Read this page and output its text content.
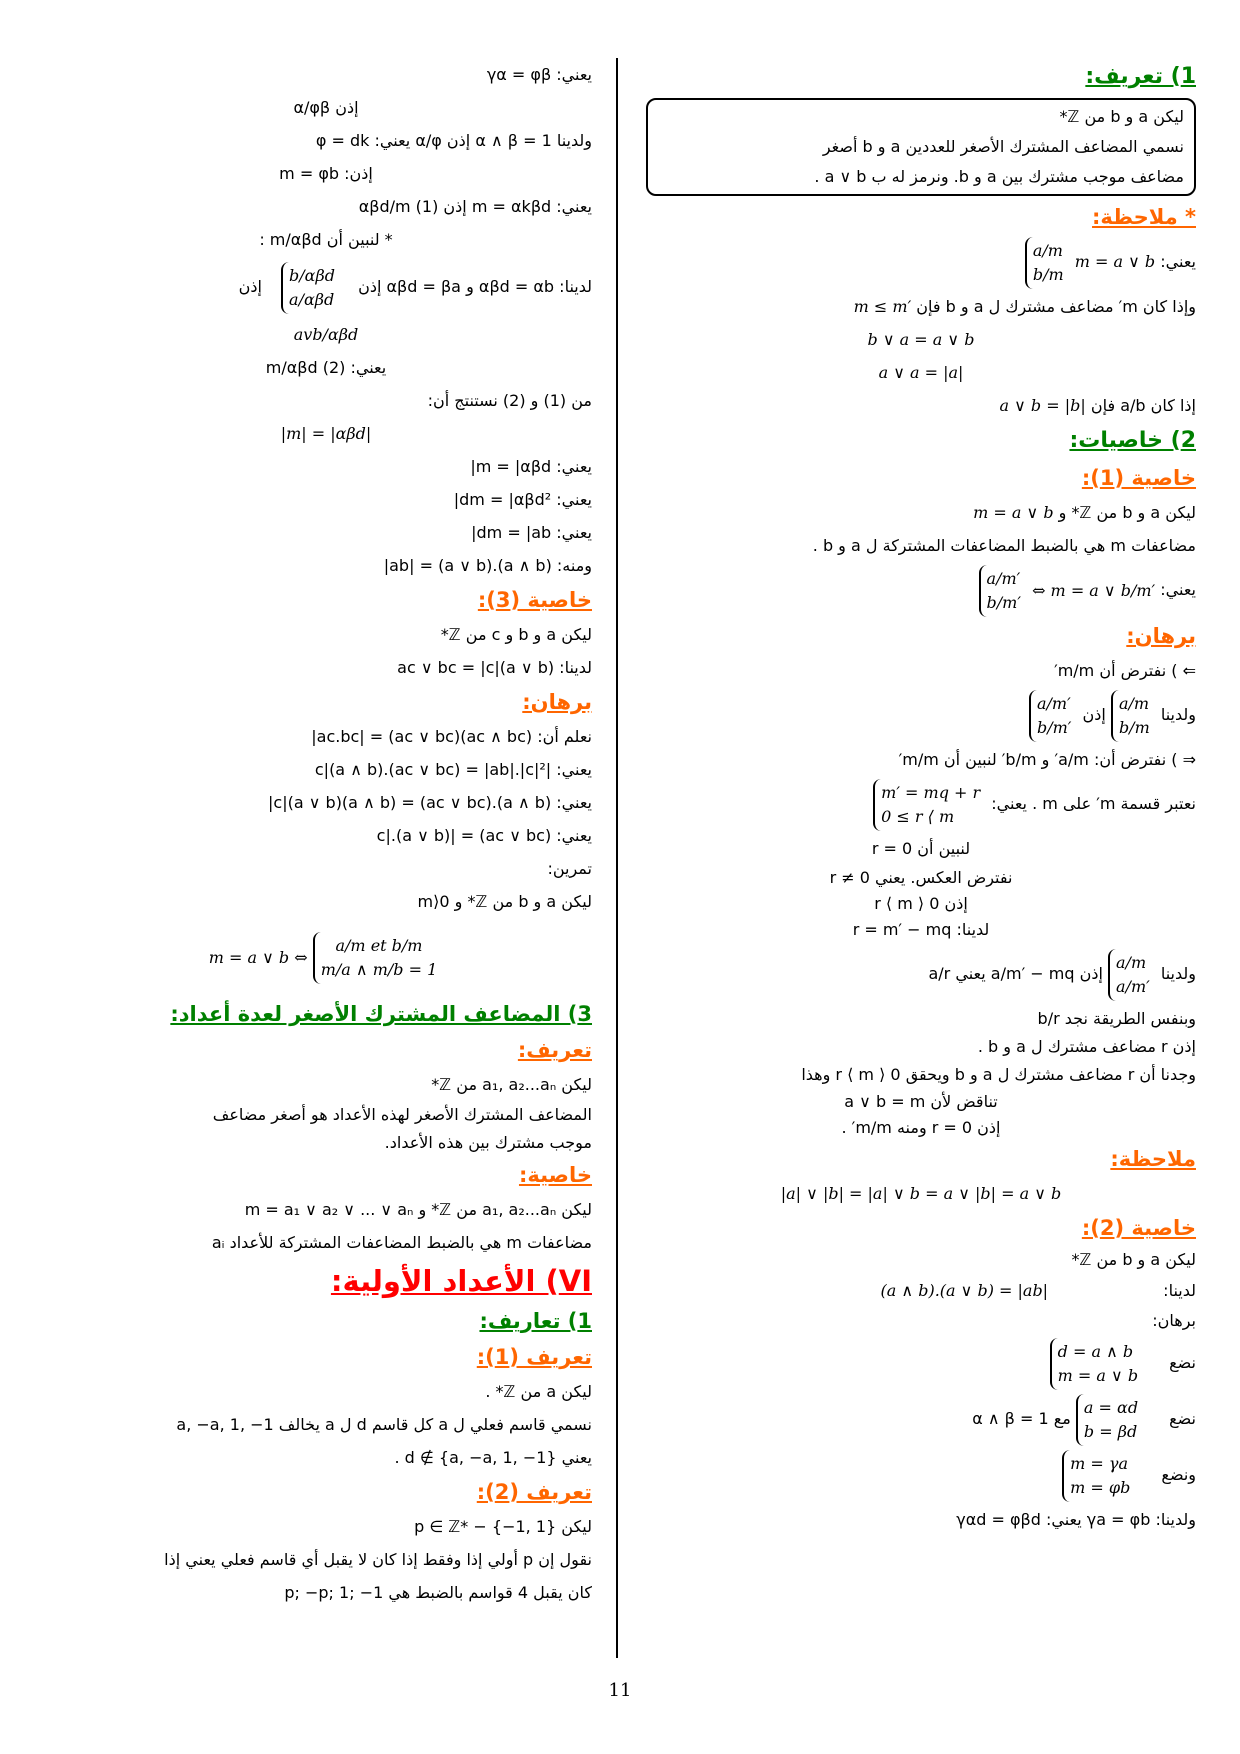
1) تعريف:
ليكن a و b من ℤ*
نسمي المضاعف المشترك الأصغر للعددين a و b أصغر
مضاعف موجب مشترك بين a و b. ونرمز له ب a ∨ b .
* ملاحظة:
يعني: m = a ∨ b a/m
b/m
وإذا كان m′ مضاعف مشترك ل a و b فإن m ≤ m′
b ∨ a = a ∨ b
a ∨ a = |a|
إذا كان a/b فإن a ∨ b = |b|
2) خاصيات:
خاصية (1):
ليكن a و b من ℤ* و m = a ∨ b
مضاعفات m هي بالضبط المضاعفات المشتركة ل a و b .
يعني: a/m′
b/m′ ⇔ m = a ∨ b/m′
برهان:
⇐ ) نفترض أن m/m′
ولدينا a/m
b/m إذن a/m′
b/m′
⇒ ) نفترض أن: a/m′ و b/m′ لنبين أن m/m′
نعتبر قسمة m′ على m . يعني: m′ = mq + r
0 ≤ r ⟨ m
لنبين أن r = 0
نفترض العكس. يعني r ≠ 0
إذن 0 ⟨ r ⟨ m
لدينا: r = m′ − mq
ولدينا a/m
a/m′ إذن a/m′ − mq يعني a/r
وبنفس الطريقة نجد b/r
إذن r مضاعف مشترك ل a و b .
وجدنا أن r مضاعف مشترك ل a و b ويحقق 0 ⟨ r ⟨ m وهذا
تناقض لأن a ∨ b = m
إذن r = 0 ومنه m/m′ .
ملاحظة:
|a| ∨ |b| = |a| ∨ b = a ∨ |b| = a ∨ b
خاصية (2):
ليكن a و b من ℤ*
لدينا: (a ∧ b).(a ∨ b) = |ab|
برهان:
نضع d = a ∧ b
m = a ∨ b
نضع a = αd
b = βd مع α ∧ β = 1
ونضع m = γa
m = φb
ولدينا: γa = φb يعني: γαd = φβd
يعني: γα = φβ
إذن α/φβ
ولدينا α ∧ β = 1 إذن α/φ يعني: φ = dk
إذن: m = φb
يعني: m = αkβd إذن αβd/m (1)
* لنبين أن m/αβd :
لدينا: αβd = αb و αβd = βa إذن b/αβd
a/αβd إذن
avb/αβd
يعني: m/αβd (2)
من (1) و (2) نستنتج أن:
|m| = |αβd|
يعني: m = |αβd|
يعني: dm = |αβd²|
يعني: dm = |ab|
ومنه: (a ∧ b).(a ∨ b) = |ab|
خاصية (3):
ليكن a و b و c من ℤ*
لدينا: ac ∨ bc = |c|(a ∨ b)
برهان:
نعلم أن: (ac ∧ bc)(ac ∨ bc) = |ac.bc|
يعني: |c|(a ∧ b).(ac ∨ bc) = |ab|.|c|²
يعني: (a ∧ b).(ac ∨ bc) = (a ∧ b)(a ∨ b)|c|
يعني: (ac ∨ bc) = |c|.(a ∨ b)
تمرين:
ليكن a و b من ℤ* و m⟩0
m = a ∨ b ⇔ a/m et b/m
m/a ∧ m/b = 1
3) المضاعف المشترك الأصغر لعدة أعداد:
تعريف:
ليكن a₁, a₂...aₙ من ℤ*
المضاعف المشترك الأصغر لهذه الأعداد هو أصغر مضاعف
موجب مشترك بين هذه الأعداد.
خاصية:
ليكن a₁, a₂...aₙ من ℤ* و m = a₁ ∨ a₂ ∨ ... ∨ aₙ
مضاعفات m هي بالضبط المضاعفات المشتركة للأعداد aᵢ
VI) الأعداد الأولية:
1) تعاريف:
تعريف (1):
ليكن a من ℤ* .
نسمي قاسم فعلي ل a كل قاسم d ل a يخالف a, −a, 1, −1
يعني d ∉ {a, −a, 1, −1} .
تعريف (2):
ليكن p ∈ ℤ* − {−1, 1}
نقول إن p أولي إذا وفقط إذا كان لا يقبل أي قاسم فعلي يعني إذا
كان يقبل 4 قواسم بالضبط هي p; −p; 1; −1
11
